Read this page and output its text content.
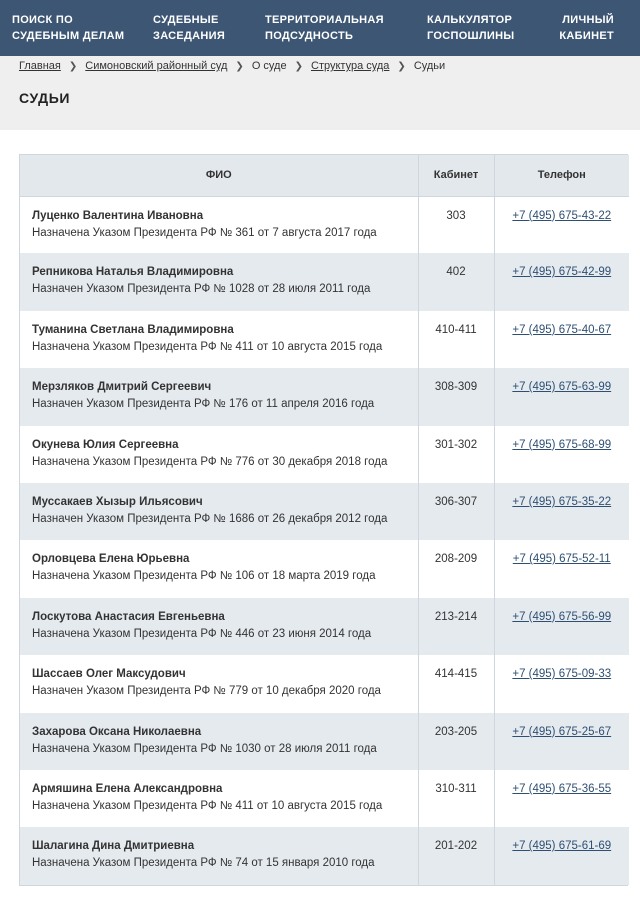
ПОИСК ПО
СУДЕБНЫМ ДЕЛАМ
СУДЕБНЫЕ
ЗАСЕДАНИЯ
ТЕРРИТОРИАЛЬНАЯ
ПОДСУДНОСТЬ
КАЛЬКУЛЯТОР
ГОСПОШЛИНЫ
ЛИЧНЫЙ
КАБИНЕТ
Главная ❯ Симоновский районный суд ❯ О суде ❯ Структура суда ❯ Судьи
СУДЬИ
ФИО	Кабинет	Телефон

Луценко Валентина Ивановна
Назначена Указом Президента РФ № 361 от 7 августа 2017 года	303	+7 (495) 675-43-22

Репникова Наталья Владимировна
Назначен Указом Президента РФ № 1028 от 28 июля 2011 года	402	+7 (495) 675-42-99

Туманина Светлана Владимировна
Назначена Указом Президента РФ № 411 от 10 августа 2015 года	410-411	+7 (495) 675-40-67

Мерзляков Дмитрий Сергеевич
Назначен Указом Президента РФ № 176 от 11 апреля 2016 года	308-309	+7 (495) 675-63-99

Окунева Юлия Сергеевна
Назначена Указом Президента РФ № 776 от 30 декабря 2018 года	301-302	+7 (495) 675-68-99

Муссакаев Хызыр Ильясович
Назначен Указом Президента РФ № 1686 от 26 декабря 2012 года	306-307	+7 (495) 675-35-22

Орловцева Елена Юрьевна
Назначена Указом Президента РФ № 106 от 18 марта 2019 года	208-209	+7 (495) 675-52-11

Лоскутова Анастасия Евгеньевна
Назначена Указом Президента РФ № 446 от 23 июня 2014 года	213-214	+7 (495) 675-56-99

Шассаев Олег Максудович
Назначен Указом Президента РФ № 779 от 10 декабря 2020 года	414-415	+7 (495) 675-09-33

Захарова Оксана Николаевна
Назначена Указом Президента РФ № 1030 от 28 июля 2011 года	203-205	+7 (495) 675-25-67

Армяшина Елена Александровна
Назначена Указом Президента РФ № 411 от 10 августа 2015 года	310-311	+7 (495) 675-36-55

Шалагина Дина Дмитриевна
Назначена Указом Президента РФ № 74 от 15 января 2010 года	201-202	+7 (495) 675-61-69
